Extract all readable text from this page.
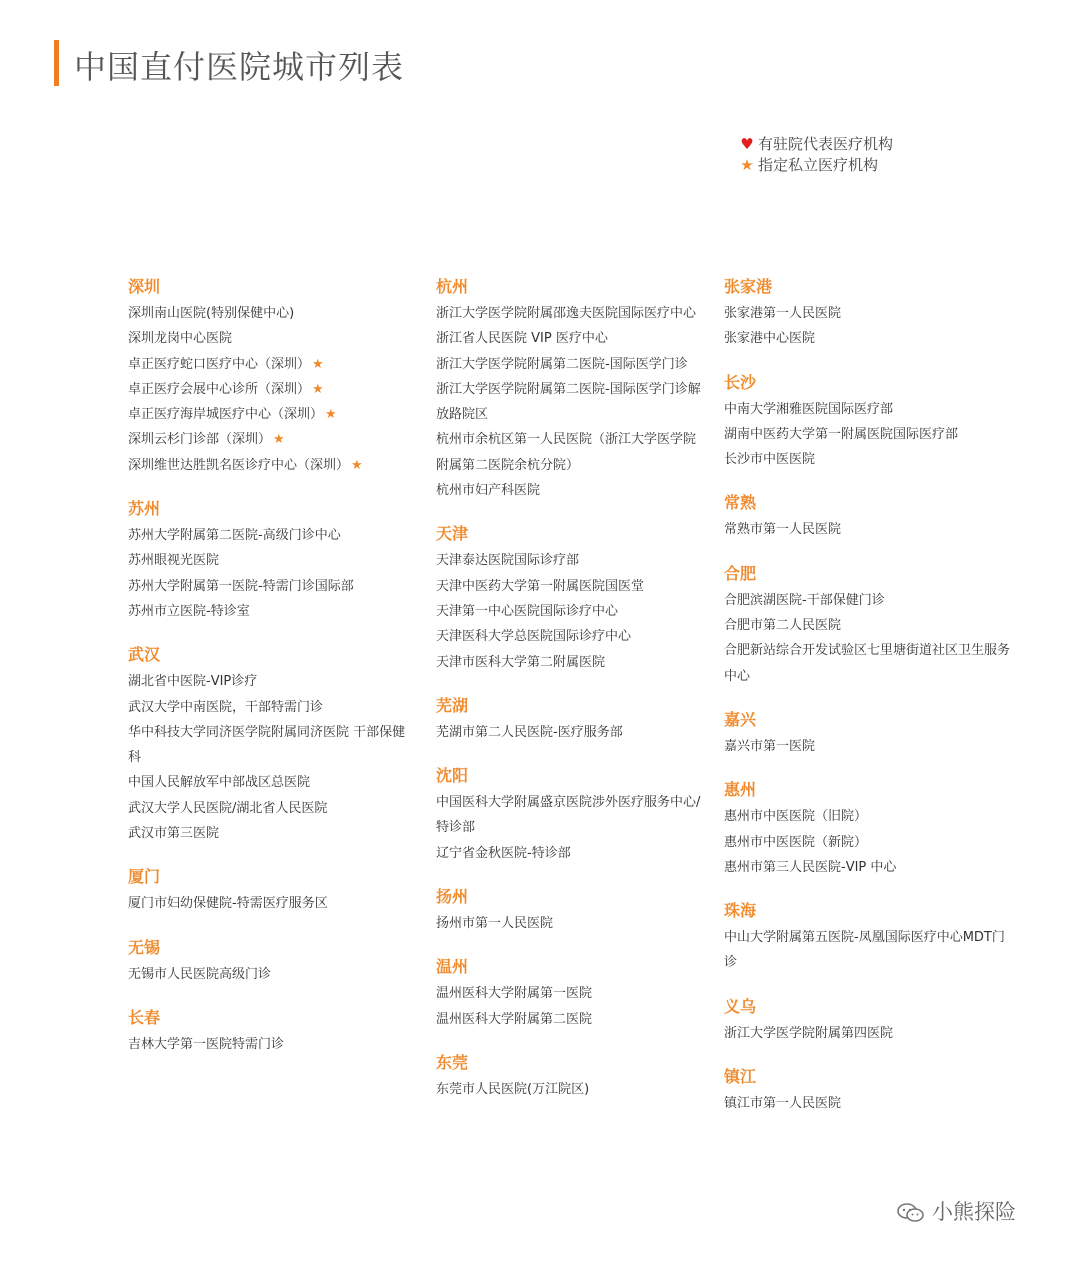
中国直付医院城市列表
♥ 有驻院代表医疗机构
★ 指定私立医疗机构
深圳
深圳南山医院(特别保健中心)
深圳龙岗中心医院
卓正医疗蛇口医疗中心（深圳） ★
卓正医疗会展中心诊所（深圳） ★
卓正医疗海岸城医疗中心（深圳） ★
深圳云杉门诊部（深圳） ★
深圳维世达胜凯名医诊疗中心（深圳） ★
苏州
苏州大学附属第二医院-高级门诊中心
苏州眼视光医院
苏州大学附属第一医院-特需门诊国际部
苏州市立医院-特诊室
武汉
湖北省中医院-VIP诊疗
武汉大学中南医院，干部特需门诊
华中科技大学同济医学院附属同济医院 干部保健科
中国人民解放军中部战区总医院
武汉大学人民医院/湖北省人民医院
武汉市第三医院
厦门
厦门市妇幼保健院-特需医疗服务区
无锡
无锡市人民医院高级门诊
长春
吉林大学第一医院特需门诊
杭州
浙江大学医学院附属邵逸夫医院国际医疗中心
浙江省人民医院 VIP 医疗中心
浙江大学医学院附属第二医院-国际医学门诊
浙江大学医学院附属第二医院-国际医学门诊解放路院区
杭州市余杭区第一人民医院（浙江大学医学院附属第二医院余杭分院）
杭州市妇产科医院
天津
天津泰达医院国际诊疗部
天津中医药大学第一附属医院国医堂
天津第一中心医院国际诊疗中心
天津医科大学总医院国际诊疗中心
天津市医科大学第二附属医院
芜湖
芜湖市第二人民医院-医疗服务部
沈阳
中国医科大学附属盛京医院涉外医疗服务中心/特诊部
辽宁省金秋医院-特诊部
扬州
扬州市第一人民医院
温州
温州医科大学附属第一医院
温州医科大学附属第二医院
东莞
东莞市人民医院(万江院区)
张家港
张家港第一人民医院
张家港中心医院
长沙
中南大学湘雅医院国际医疗部
湖南中医药大学第一附属医院国际医疗部
长沙市中医医院
常熟
常熟市第一人民医院
合肥
合肥滨湖医院-干部保健门诊
合肥市第二人民医院
合肥新站综合开发试验区七里塘街道社区卫生服务中心
嘉兴
嘉兴市第一医院
惠州
惠州市中医医院（旧院）
惠州市中医医院（新院）
惠州市第三人民医院-VIP 中心
珠海
中山大学附属第五医院-凤凰国际医疗中心MDT门诊
义乌
浙江大学医学院附属第四医院
镇江
镇江市第一人民医院
小熊探险
